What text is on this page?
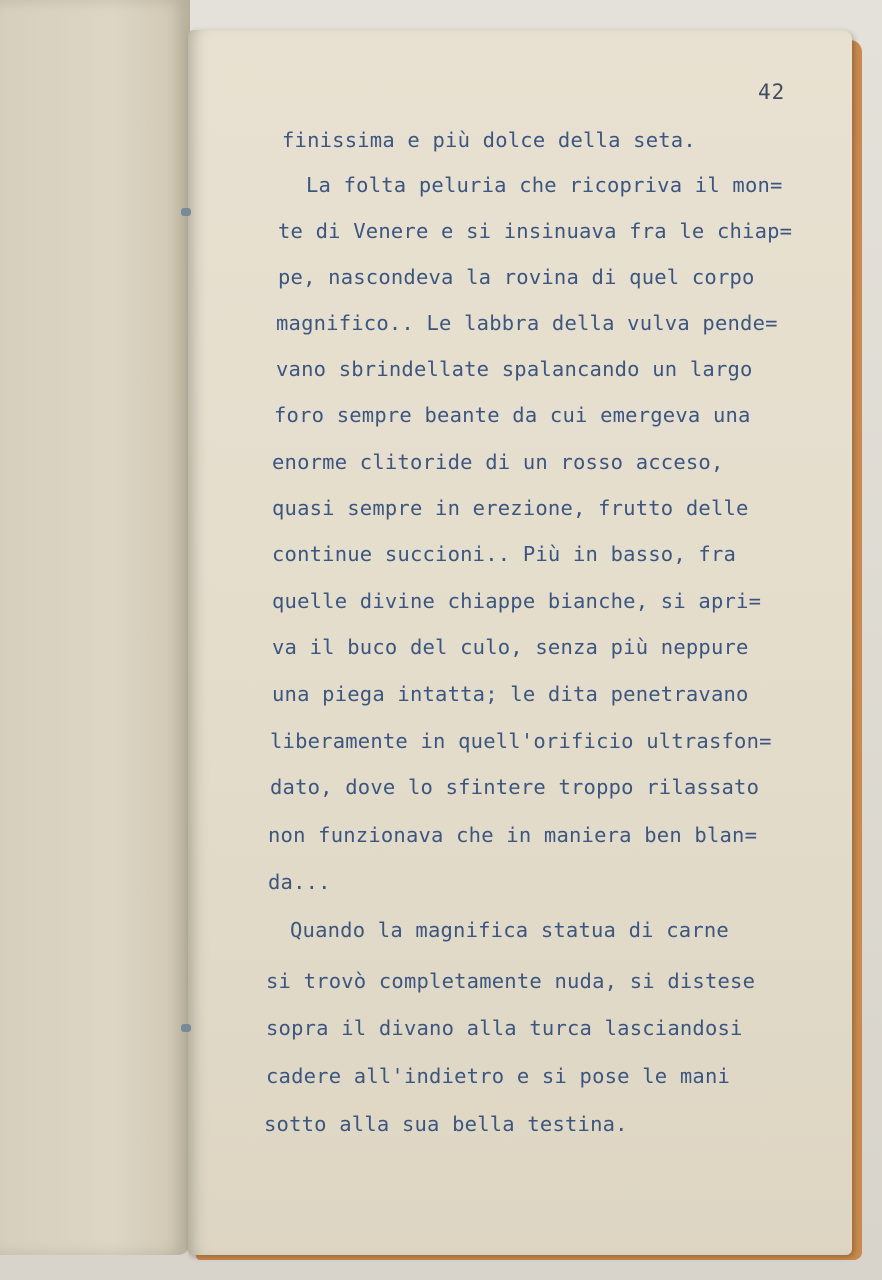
42
finissima e più dolce della seta.
La folta peluria che ricopriva il mon=
te di Venere e si insinuava fra le chiap=
pe, nascondeva la rovina di quel corpo
magnifico.. Le labbra della vulva pende=
vano sbrindellate spalancando un largo
foro sempre beante da cui emergeva una
enorme clitoride di un rosso acceso,
quasi sempre in erezione, frutto delle
continue succioni.. Più in basso, fra
quelle divine chiappe bianche, si apri=
va il buco del culo, senza più neppure
una piega intatta; le dita penetravano
liberamente in quell'orificio ultrasfon=
dato, dove lo sfintere troppo rilassato
non funzionava che in maniera ben blan=
da...
Quando la magnifica statua di carne
si trovò completamente nuda, si distese
sopra il divano alla turca lasciandosi
cadere all'indietro e si pose le mani
sotto alla sua bella testina.
